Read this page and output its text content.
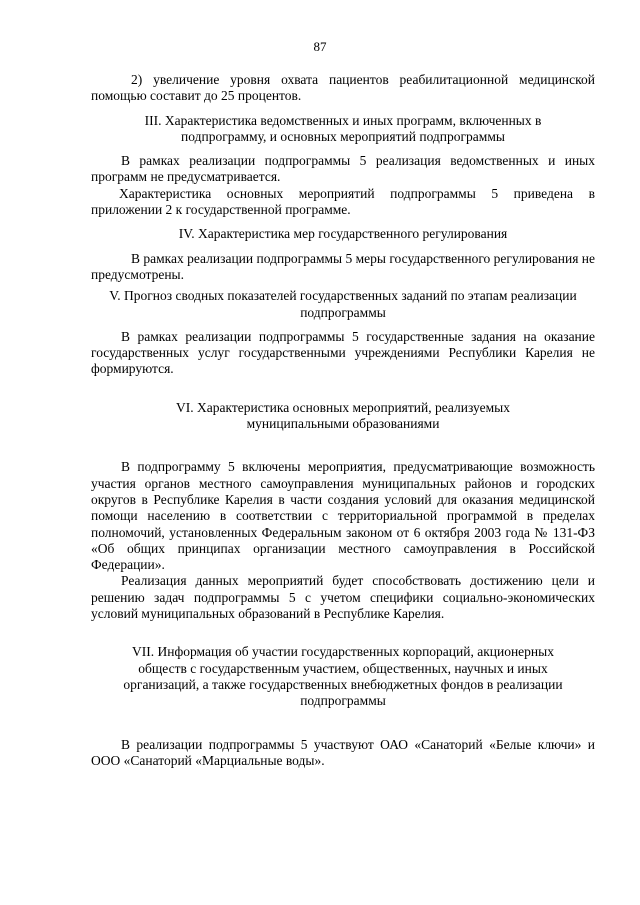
87

2) увеличение уровня охвата пациентов реабилитационной медицинской помощью составит до 25 процентов.

III. Характеристика ведомственных и иных программ, включенных в подпрограмму, и основных мероприятий подпрограммы

В рамках реализации подпрограммы 5 реализация ведомственных и иных программ не предусматривается.

Характеристика основных мероприятий подпрограммы 5 приведена в приложении 2 к государственной программе.

IV. Характеристика мер государственного регулирования

В рамках реализации подпрограммы 5 меры государственного регулирования не предусмотрены.

V. Прогноз сводных показателей государственных заданий по этапам реализации подпрограммы

В рамках реализации подпрограммы 5 государственные задания на оказание государственных услуг государственными учреждениями Республики Карелия не формируются.

VI. Характеристика основных мероприятий, реализуемых муниципальными образованиями

В подпрограмму 5 включены мероприятия, предусматривающие возможность участия органов местного самоуправления муниципальных районов и городских округов в Республике Карелия в части создания условий для оказания медицинской помощи населению в соответствии с территориальной программой в пределах полномочий, установленных Федеральным законом от 6 октября 2003 года № 131-ФЗ «Об общих принципах организации местного самоуправления в Российской Федерации».

Реализация данных мероприятий будет способствовать достижению цели и решению задач подпрограммы 5 с учетом специфики социально-экономических условий муниципальных образований в Республике Карелия.

VII. Информация об участии государственных корпораций, акционерных обществ с государственным участием, общественных, научных и иных организаций, а также государственных внебюджетных фондов в реализации подпрограммы

В реализации подпрограммы 5 участвуют ОАО «Санаторий «Белые ключи» и ООО «Санаторий «Марциальные воды».
